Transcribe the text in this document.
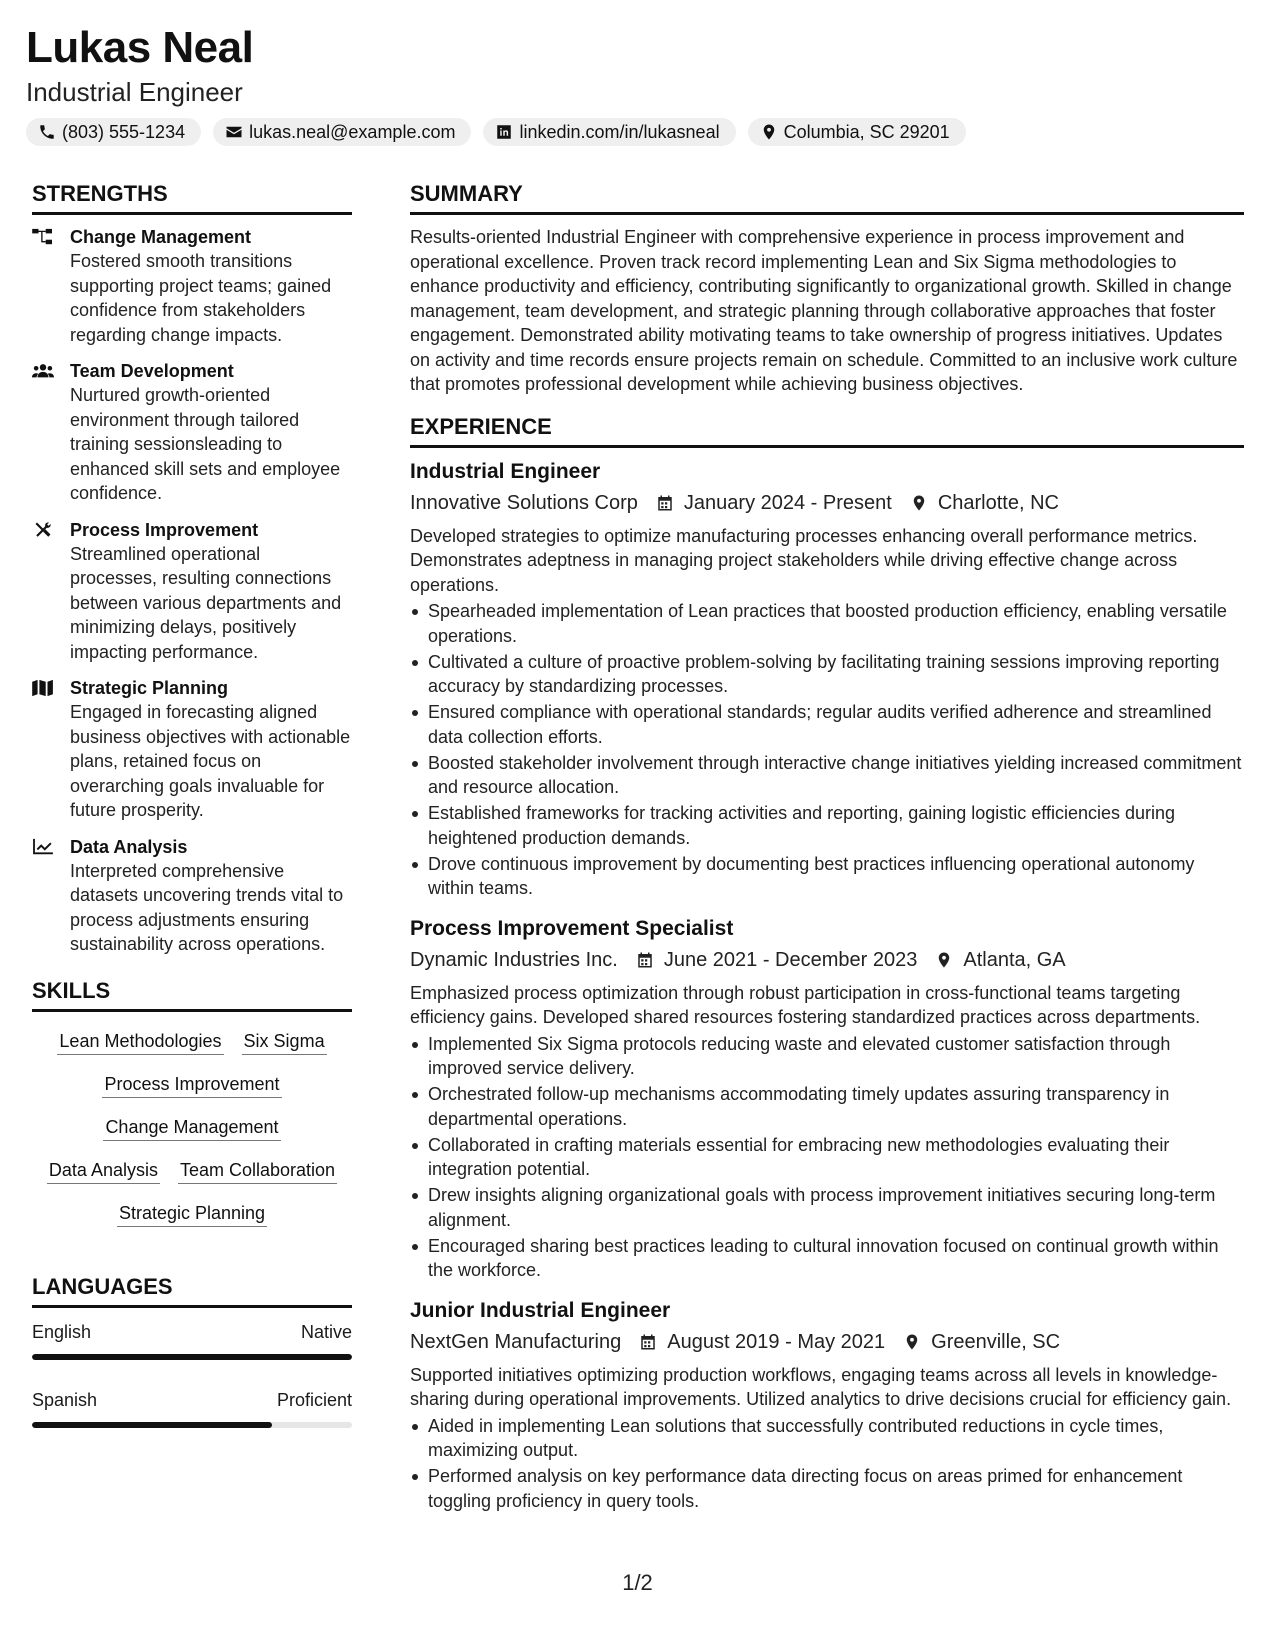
Lukas Neal
Industrial Engineer
(803) 555-1234	lukas.neal@example.com	linkedin.com/in/lukasneal	Columbia, SC 29201
STRENGTHS
Change Management
Fostered smooth transitions supporting project teams; gained confidence from stakeholders regarding change impacts.
Team Development
Nurtured growth-oriented environment through tailored training sessionsleading to enhanced skill sets and employee confidence.
Process Improvement
Streamlined operational processes, resulting connections between various departments and minimizing delays, positively impacting performance.
Strategic Planning
Engaged in forecasting aligned business objectives with actionable plans, retained focus on overarching goals invaluable for future prosperity.
Data Analysis
Interpreted comprehensive datasets uncovering trends vital to process adjustments ensuring sustainability across operations.
SKILLS
Lean Methodologies Six Sigma
Process Improvement
Change Management
Data Analysis Team Collaboration
Strategic Planning
LANGUAGES
English	Native
Spanish	Proficient
SUMMARY
Results-oriented Industrial Engineer with comprehensive experience in process improvement and operational excellence. Proven track record implementing Lean and Six Sigma methodologies to enhance productivity and efficiency, contributing significantly to organizational growth. Skilled in change management, team development, and strategic planning through collaborative approaches that foster engagement. Demonstrated ability motivating teams to take ownership of progress initiatives. Updates on activity and time records ensure projects remain on schedule. Committed to an inclusive work culture that promotes professional development while achieving business objectives.
EXPERIENCE
Industrial Engineer
Innovative Solutions Corp January 2024 - Present Charlotte, NC
Developed strategies to optimize manufacturing processes enhancing overall performance metrics. Demonstrates adeptness in managing project stakeholders while driving effective change across operations.
Spearheaded implementation of Lean practices that boosted production efficiency, enabling versatile operations.
Cultivated a culture of proactive problem-solving by facilitating training sessions improving reporting accuracy by standardizing processes.
Ensured compliance with operational standards; regular audits verified adherence and streamlined data collection efforts.
Boosted stakeholder involvement through interactive change initiatives yielding increased commitment and resource allocation.
Established frameworks for tracking activities and reporting, gaining logistic efficiencies during heightened production demands.
Drove continuous improvement by documenting best practices influencing operational autonomy within teams.
Process Improvement Specialist
Dynamic Industries Inc. June 2021 - December 2023 Atlanta, GA
Emphasized process optimization through robust participation in cross-functional teams targeting efficiency gains. Developed shared resources fostering standardized practices across departments.
Implemented Six Sigma protocols reducing waste and elevated customer satisfaction through improved service delivery.
Orchestrated follow-up mechanisms accommodating timely updates assuring transparency in departmental operations.
Collaborated in crafting materials essential for embracing new methodologies evaluating their integration potential.
Drew insights aligning organizational goals with process improvement initiatives securing long-term alignment.
Encouraged sharing best practices leading to cultural innovation focused on continual growth within the workforce.
Junior Industrial Engineer
NextGen Manufacturing August 2019 - May 2021 Greenville, SC
Supported initiatives optimizing production workflows, engaging teams across all levels in knowledge-sharing during operational improvements. Utilized analytics to drive decisions crucial for efficiency gain.
Aided in implementing Lean solutions that successfully contributed reductions in cycle times, maximizing output.
Performed analysis on key performance data directing focus on areas primed for enhancement toggling proficiency in query tools.
1/2
